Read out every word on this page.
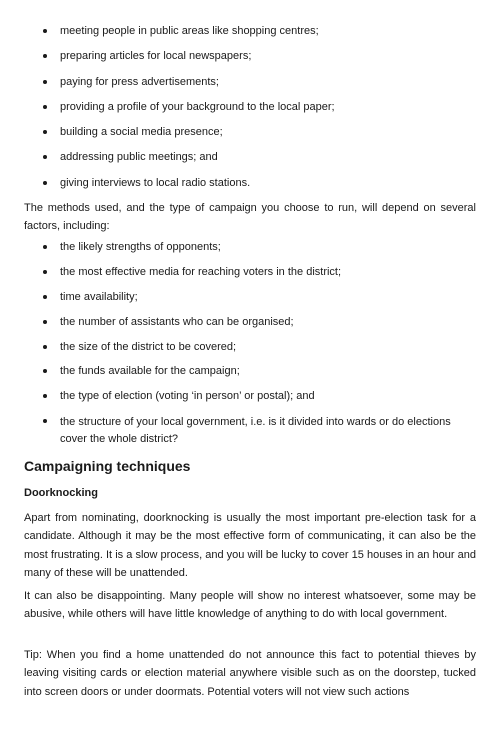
meeting people in public areas like shopping centres;
preparing articles for local newspapers;
paying for press advertisements;
providing a profile of your background to the local paper;
building a social media presence;
addressing public meetings; and
giving interviews to local radio stations.

The methods used, and the type of campaign you choose to run, will depend on several factors, including:

the likely strengths of opponents;
the most effective media for reaching voters in the district;
time availability;
the number of assistants who can be organised;
the size of the district to be covered;
the funds available for the campaign;
the type of election (voting ‘in person’ or postal); and
the structure of your local government, i.e. is it divided into wards or do elections cover the whole district?
Campaigning techniques
Doorknocking

Apart from nominating, doorknocking is usually the most important pre-election task for a candidate. Although it may be the most effective form of communicating, it can also be the most frustrating. It is a slow process, and you will be lucky to cover 15 houses in an hour and many of these will be unattended.

It can also be disappointing. Many people will show no interest whatsoever, some may be abusive, while others will have little knowledge of anything to do with local government.

Tip: When you find a home unattended do not announce this fact to potential thieves by leaving visiting cards or election material anywhere visible such as on the doorstep, tucked into screen doors or under doormats. Potential voters will not view such actions
